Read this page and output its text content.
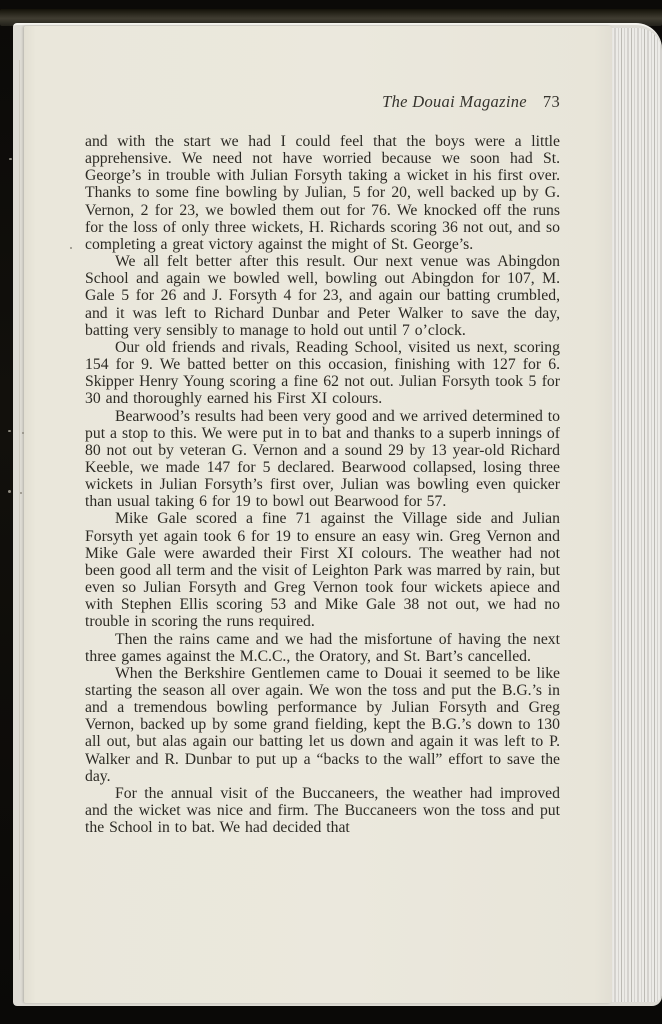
The Douai Magazine 73

and with the start we had I could feel that the boys were a little apprehensive. We need not have worried because we soon had St. George’s in trouble with Julian Forsyth taking a wicket in his first over. Thanks to some fine bowling by Julian, 5 for 20, well backed up by G. Vernon, 2 for 23, we bowled them out for 76. We knocked off the runs for the loss of only three wickets, H. Richards scoring 36 not out, and so completing a great victory against the might of St. George’s.

We all felt better after this result. Our next venue was Abingdon School and again we bowled well, bowling out Abingdon for 107, M. Gale 5 for 26 and J. Forsyth 4 for 23, and again our batting crumbled, and it was left to Richard Dunbar and Peter Walker to save the day, batting very sensibly to manage to hold out until 7 o’clock.

Our old friends and rivals, Reading School, visited us next, scoring 154 for 9. We batted better on this occasion, finishing with 127 for 6. Skipper Henry Young scoring a fine 62 not out. Julian Forsyth took 5 for 30 and thoroughly earned his First XI colours.

Bearwood’s results had been very good and we arrived determined to put a stop to this. We were put in to bat and thanks to a superb innings of 80 not out by veteran G. Vernon and a sound 29 by 13 year-old Richard Keeble, we made 147 for 5 declared. Bearwood collapsed, losing three wickets in Julian Forsyth’s first over, Julian was bowling even quicker than usual taking 6 for 19 to bowl out Bearwood for 57.

Mike Gale scored a fine 71 against the Village side and Julian Forsyth yet again took 6 for 19 to ensure an easy win. Greg Vernon and Mike Gale were awarded their First XI colours. The weather had not been good all term and the visit of Leighton Park was marred by rain, but even so Julian Forsyth and Greg Vernon took four wickets apiece and with Stephen Ellis scoring 53 and Mike Gale 38 not out, we had no trouble in scoring the runs required.

Then the rains came and we had the misfortune of having the next three games against the M.C.C., the Oratory, and St. Bart’s cancelled.

When the Berkshire Gentlemen came to Douai it seemed to be like starting the season all over again. We won the toss and put the B.G.’s in and a tremendous bowling performance by Julian Forsyth and Greg Vernon, backed up by some grand fielding, kept the B.G.’s down to 130 all out, but alas again our batting let us down and again it was left to P. Walker and R. Dunbar to put up a “backs to the wall” effort to save the day.

For the annual visit of the Buccaneers, the weather had improved and the wicket was nice and firm. The Buccaneers won the toss and put the School in to bat. We had decided that
